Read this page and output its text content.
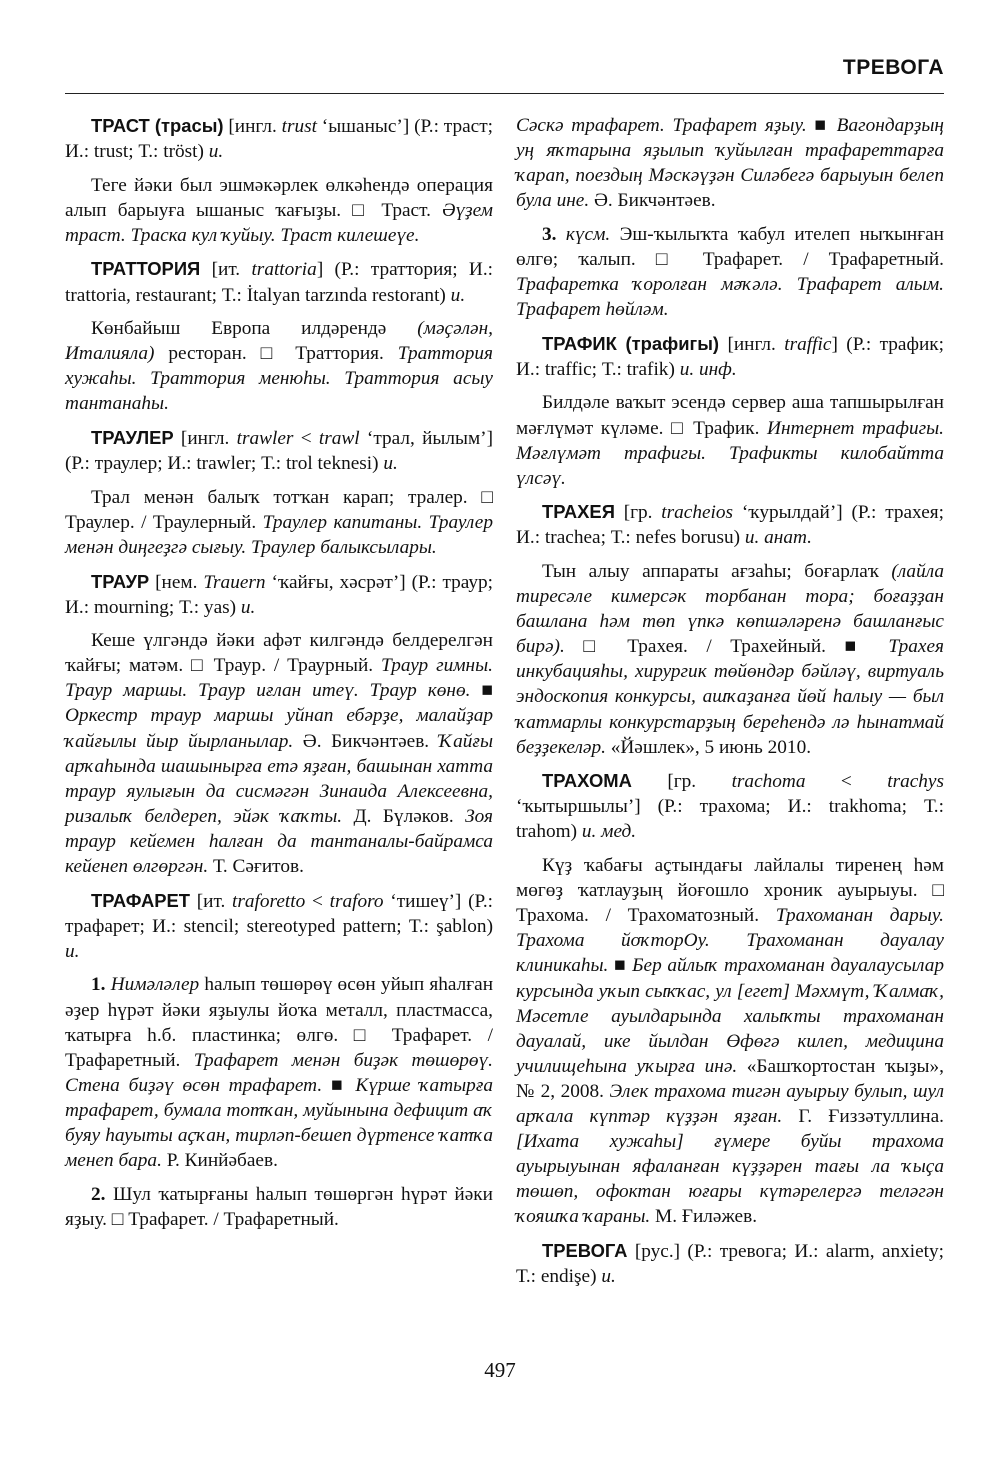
ТРЕВОГА

ТРАСТ (трасы) [ингл. trust ‘ышаныс’] (Р.: траст; И.: trust; Т.: tröst) и.

Теге йәки был эшмәкәрлек өлкәһендә операция алып барыуға ышаныс ҡағыҙы. □ Траст. Әүҙем траст. Траска кул ҡуйыу. Траст килешеүе.

ТРАТТОРИЯ [ит. trattoria] (Р.: траттория; И.: trattoria, restaurant; Т.: İtalyan tarzında restorant) и.

Көнбайыш Европа илдәрендә (мәҫәлән, Италияла) ресторан. □ Траттория. Траттория хужаһы. Траттория менюһы. Траттория асыу тантанаһы.

ТРАУЛЕР [ингл. trawler < trawl ‘трал, йылым’] (Р.: траулер; И.: trawler; Т.: trol teknesi) и.

Трал менән балыҡ тотҡан карап; тралер. □ Траулер. / Траулерный. Траулер капитаны. Траулер менән диңгеҙгә сығыу. Траулер балыксылары.

ТРАУР [нем. Trauern ‘ҡайғы, хәсрәт’] (Р.: траур; И.: mourning; Т.: yas) и.

Кеше үлгәндә йәки афәт килгәндә белдерелгән ҡайғы; матәм. □ Траур. / Траурный. Траур гимны. Траур маршы. Траур иғлан итеү. Траур көнө. ■ Оркестр траур маршы уйнап ебәрҙе, малайҙар ҡайғылы йыр йырланылар. Ә. Бикчәнтәев. Ҡайғы арҡаһында шашынырға етә яҙған, башынан хатта траур яулығын да сисмәгән Зинаида Алексеевна, ризалыҡ белдереп, эйәк ҡаҡты. Д. Бүләков. Зоя траур кейемен һалған да тантаналы-байрамса кейенеп өлгөргән. Т. Сәғитов.

ТРАФАРЕТ [ит. traforetto < traforo ‘тишеү’] (Р.: трафарет; И.: stencil; stereotyped pattern; Т.: şablon) и.

1. Нимәләлер һалып төшөрөү өсөн уйып яһалған әҙер һүрәт йәки яҙыулы йоҡа металл, пластмасса, ҡатырға һ.б. пластинка; өлгө. □ Трафарет. / Трафаретный. Трафарет менән биҙәк төшөрөү. Стена биҙәү өсөн трафарет. ■ Күрше ҡатырға трафарет, бумала тотҡан, муйынына дефицит аҡ буяу һауыты аҫҡан, тирләп-бешеп дүртенсе ҡатҡа менеп бара. Р. Кинйәбаев.

2. Шул ҡатырғаны һалып төшөргән һүрәт йәки яҙыу. □ Трафарет. / Трафаретный.

Сәскә трафарет. Трафарет яҙыу. ■ Вагондарҙың уң яҡтарына яҙылып ҡуйылған трафареттарға ҡарап, поездың Мәскәүҙән Силәбегә барыуын белеп була ине. Ә. Бикчәнтәев.

3. күсм. Эш-ҡылыҡта ҡабул ителеп ныҡынған өлгө; ҡалып. □ Трафарет. / Трафаретный. Трафаретка ҡоролған мәҡәлә. Трафарет алым. Трафарет һөйләм.

ТРАФИК (трафигы) [ингл. traffic] (Р.: трафик; И.: traffic; Т.: trafik) и. инф.

Билдәле ваҡыт эсендә сервер аша тапшырылған мәғлүмәт күләме. □ Трафик. Интернет трафигы. Мәғлүмәт трафигы. Трафикты килобайтта үлсәү.

ТРАХЕЯ [гр. tracheios ‘ҡурылдай’] (Р.: трахея; И.: trachea; Т.: nefes borusu) и. анат.

Тын алыу аппараты ағзаһы; боғарлаҡ (лайла тиресәле кимерсәк торбанан тора; боғаҙҙан башлана һәм төп үпкә көпшәләренә башланғыс бирә). □ Трахея. / Трахейный. ■ Трахея инкубацияһы, хирургик төйөндәр бәйләү, виртуаль эндоскопия конкурсы, ашҡаҙанға йөй һалыу — был ҡатмарлы конкурстарҙың береһендә лә һынатмай беҙҙекеләр. «Йәшлек», 5 июнь 2010.

ТРАХОМА [гр. trachoma < trachys ‘ҡытыршылы’] (Р.: трахома; И.: trakhoma; Т.: trahom) и. мед.

Күҙ ҡабағы аҫтындағы лайлалы тиренең һәм мөгөҙ ҡатлауҙың йоғошло хроник ауырыуы. □ Трахома. / Трахоматозный. Трахоманан дарыу. Трахома йоҡторОу. Трахоманан дауалау клиникаһы. ■ Бер айлыҡ трахоманан дауалаусылар курсында уҡып сыҡҡас, ул [егет] Мәхмүт, Ҡалмаҡ, Мәсетле ауылдарында халыҡты трахоманан дауалай, ике йылдан Өфөгә килеп, медицина училищеһына уҡырға инә. «Башҡортостан ҡыҙы», № 2, 2008. Элек трахома тигән ауырыу булып, шул арҡала күптәр күҙҙән яҙған. Г. Ғиззәтуллина. [Ихата хужаһы] ғүмере буйы трахома ауырыуынан яфаланған күҙҙәрен тағы ла ҡыҫа төшөп, офоктан юғары күтәрелергә теләгән ҡояшҡа ҡараны. М. Ғиләжев.

ТРЕВОГА [рус.] (Р.: тревога; И.: alarm, anxiety; Т.: endişe) и.

497
